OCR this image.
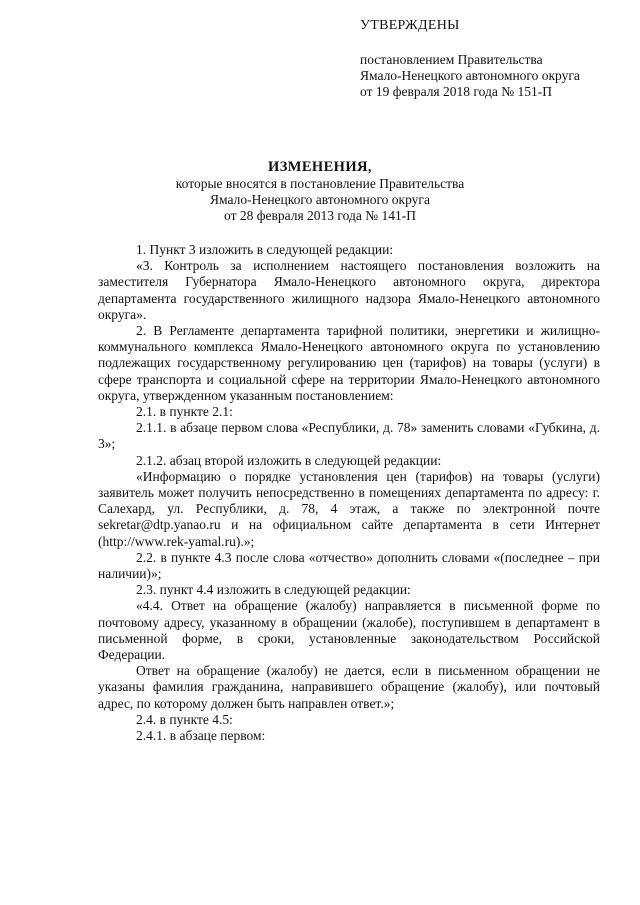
УТВЕРЖДЕНЫ
постановлением Правительства
Ямало-Ненецкого автономного округа
от 19 февраля 2018 года № 151-П
ИЗМЕНЕНИЯ,
которые вносятся в постановление Правительства
Ямало-Ненецкого автономного округа
от 28 февраля 2013 года № 141-П
1. Пункт 3 изложить в следующей редакции:
«3. Контроль за исполнением настоящего постановления возложить на заместителя Губернатора Ямало-Ненецкого автономного округа, директора департамента государственного жилищного надзора Ямало-Ненецкого автономного округа».
2. В Регламенте департамента тарифной политики, энергетики и жилищно-коммунального комплекса Ямало-Ненецкого автономного округа по установлению подлежащих государственному регулированию цен (тарифов) на товары (услуги) в сфере транспорта и социальной сфере на территории Ямало-Ненецкого автономного округа, утвержденном указанным постановлением:
2.1. в пункте 2.1:
2.1.1. в абзаце первом слова «Республики, д. 78» заменить словами «Губкина, д. 3»;
2.1.2. абзац второй изложить в следующей редакции:
«Информацию о порядке установления цен (тарифов) на товары (услуги) заявитель может получить непосредственно в помещениях департамента по адресу: г. Салехард, ул. Республики, д. 78, 4 этаж, а также по электронной почте sekretar@dtp.yanao.ru и на официальном сайте департамента в сети Интернет (http://www.rek-yamal.ru).»;
2.2. в пункте 4.3 после слова «отчество» дополнить словами «(последнее – при наличии)»;
2.3. пункт 4.4 изложить в следующей редакции:
«4.4. Ответ на обращение (жалобу) направляется в письменной форме по почтовому адресу, указанному в обращении (жалобе), поступившем в департамент в письменной форме, в сроки, установленные законодательством Российской Федерации.
Ответ на обращение (жалобу) не дается, если в письменном обращении не указаны фамилия гражданина, направившего обращение (жалобу), или почтовый адрес, по которому должен быть направлен ответ.»;
2.4. в пункте 4.5:
2.4.1. в абзаце первом:
